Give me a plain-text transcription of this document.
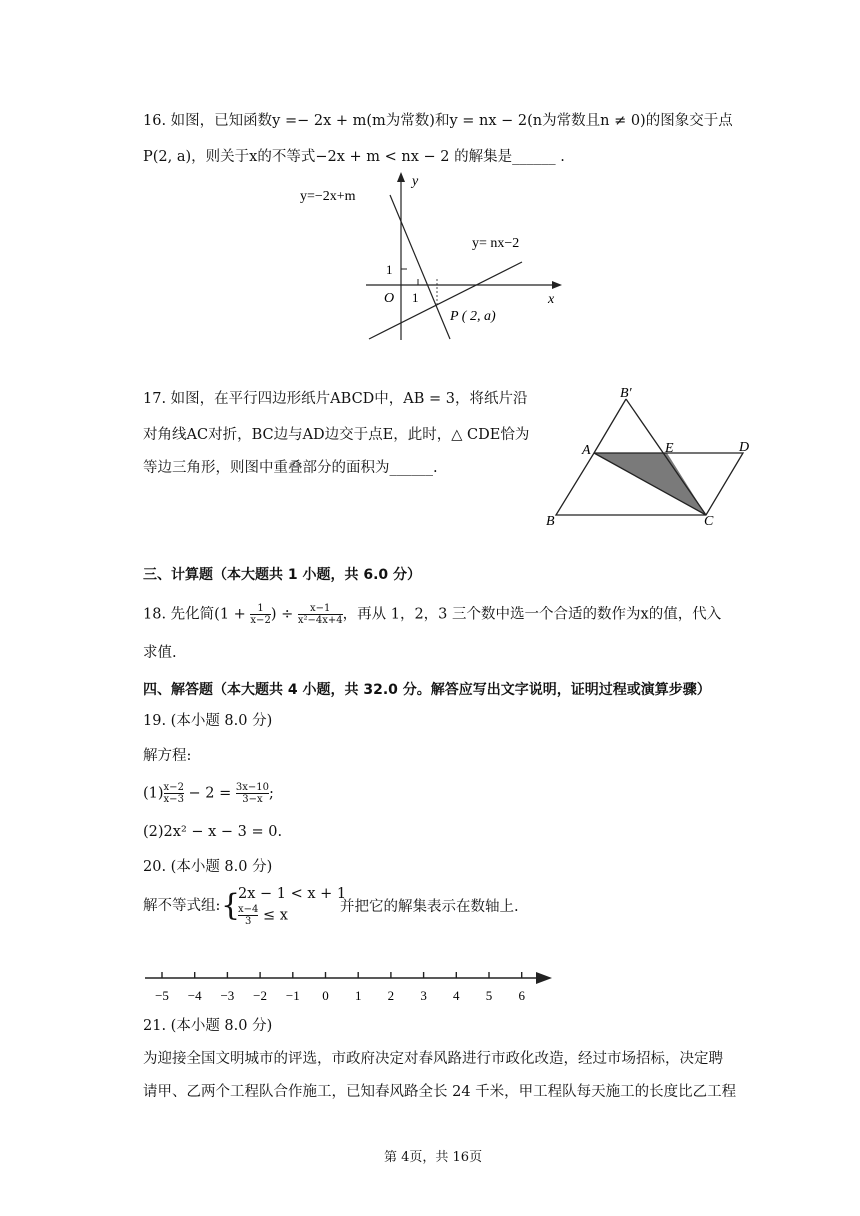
16. 如图，已知函数y =− 2x + m(m为常数)和y = nx − 2(n为常数且n ≠ 0)的图象交于点
P(2, a)，则关于x的不等式−2x + m < nx − 2 的解集是______ .
y=−2x+m
y= nx−2
y
x
O
1
1
P ( 2, a)
17. 如图，在平行四边形纸片ABCD中，AB = 3，将纸片沿
对角线AC对折，BC边与AD边交于点E，此时，△ CDE恰为
等边三角形，则图中重叠部分的面积为______.
B′
A	E	D
B	C
三、计算题（本大题共 1 小题，共 6.0 分）
18. 先化简($1 + \frac{1}{x-2}$ ) ÷ $\frac{x-1}{\text{x²−4x+4}}$ ，再从 1，2，3 三个数中选一个合适的数作为x的值，代入
求值.
四、解答题（本大题共 4 小题，共 32.0 分。解答应写出文字说明，证明过程或演算步骤）
19. (本小题 8.0 分)
解方程:
$(1) \frac{x-2}{x-3} - 2 = \frac{3x-10}{3-x}$ ;
(2)2x² − x − 3 = 0.
20. (本小题 8.0 分)
解不等式组: {
2x − 1 < x + 1
$\frac{x-4}{3} \le x$
并把它的解集表示在数轴上.
−5 −4 −3 −2 −1 0 1 2 3 4 5 6
21. (本小题 8.0 分)
为迎接全国文明城市的评选，市政府决定对春风路进行市政化改造，经过市场招标，决定聘
请甲、乙两个工程队合作施工，已知春风路全长 24 千米，甲工程队每天施工的长度比乙工程
第 4页，共 16页
